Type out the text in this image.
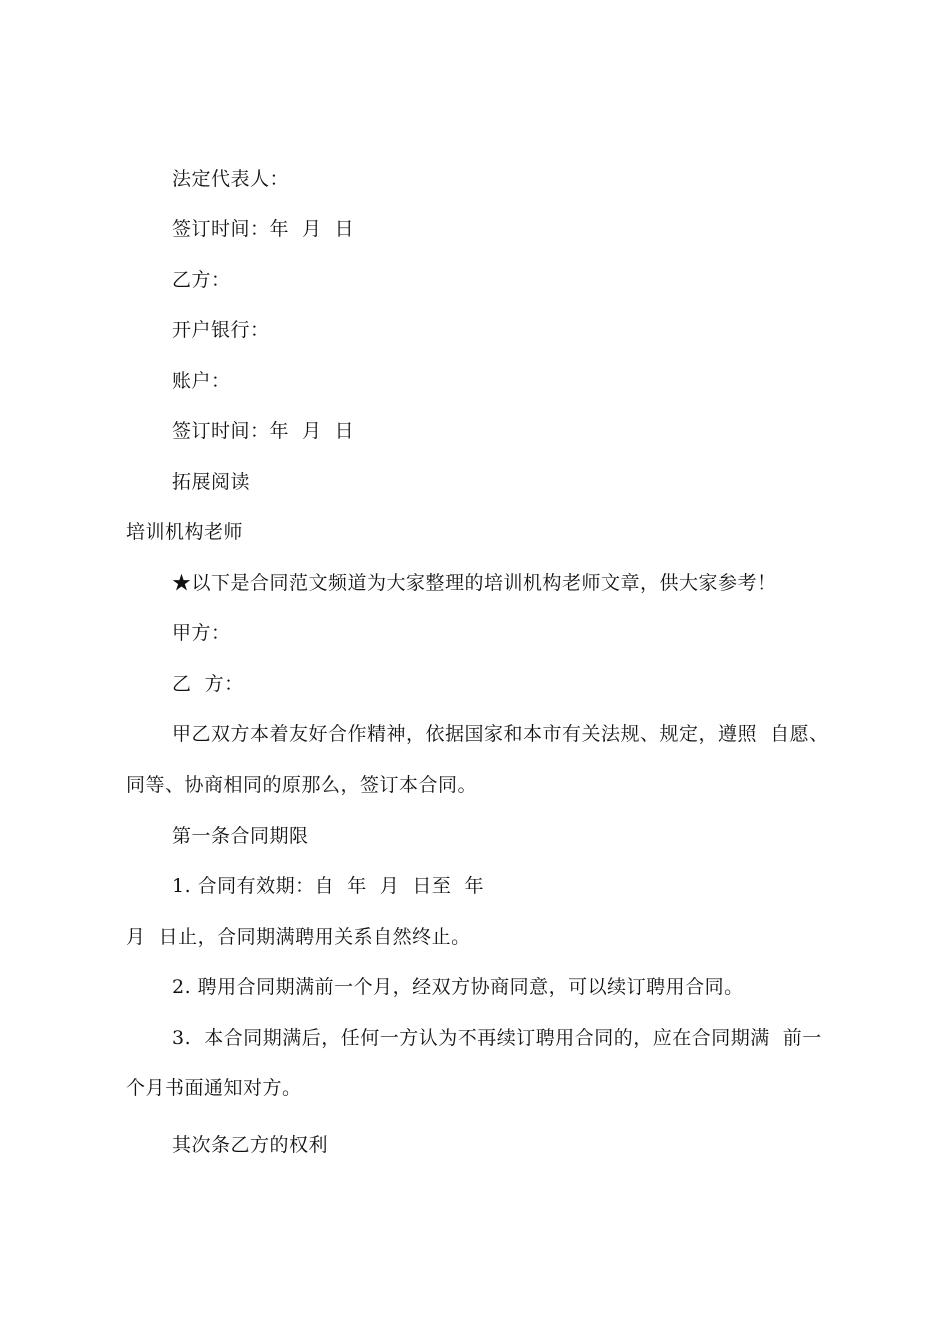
法定代表人：
签订时间：年  月  日
乙方：
开户银行：
账户：
签订时间：年  月  日
拓展阅读
培训机构老师
★以下是合同范文频道为大家整理的培训机构老师文章，供大家参考！
甲方：
乙  方：
甲乙双方本着友好合作精神，依据国家和本市有关法规、规定，遵照  自愿、
同等、协商相同的原那么，签订本合同。
第一条合同期限
1. 合同有效期：自  年  月  日至  年
月  日止，合同期满聘用关系自然终止。
2. 聘用合同期满前一个月，经双方协商同意，可以续订聘用合同。
3.  本合同期满后，任何一方认为不再续订聘用合同的，应在合同期满  前一
个月书面通知对方。
其次条乙方的权利
